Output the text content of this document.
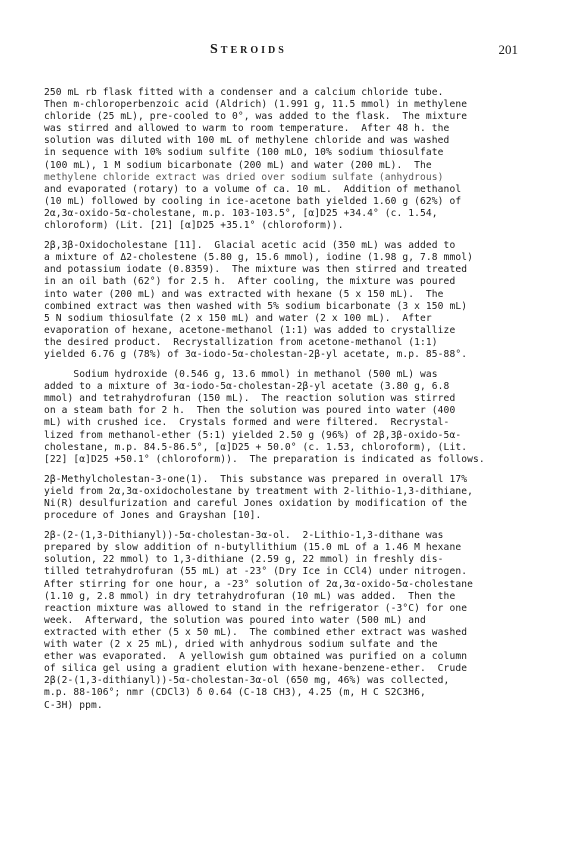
Steroids	201
250 mL rb flask fitted with a condenser and a calcium chloride tube.
Then m-chloroperbenzoic acid (Aldrich) (1.991 g, 11.5 mmol) in methylene
chloride (25 mL), pre-cooled to 0°, was added to the flask.  The mixture
was stirred and allowed to warm to room temperature.  After 48 h. the
solution was diluted with 100 mL of methylene chloride and was washed
in sequence with 10% sodium sulfite (100 mLO, 10% sodium thiosulfate
(100 mL), 1 M sodium bicarbonate (200 mL) and water (200 mL).  The
methylene chloride extract was dried over sodium sulfate (anhydrous)
and evaporated (rotary) to a volume of ca. 10 mL.  Addition of methanol
(10 mL) followed by cooling in ice-acetone bath yielded 1.60 g (62%) of
2α,3α-oxido-5α-cholestane, m.p. 103-103.5°, [α]D25 +34.4° (c. 1.54,
chloroform) (Lit. [21] [α]D25 +35.1° (chloroform)).
2β,3β-Oxidocholestane [11].  Glacial acetic acid (350 mL) was added to
a mixture of Δ2-cholestene (5.80 g, 15.6 mmol), iodine (1.98 g, 7.8 mmol)
and potassium iodate (0.8359).  The mixture was then stirred and treated
in an oil bath (62°) for 2.5 h.  After cooling, the mixture was poured
into water (200 mL) and was extracted with hexane (5 x 150 mL).  The
combined extract was then washed with 5% sodium bicarbonate (3 x 150 mL)
5 N sodium thiosulfate (2 x 150 mL) and water (2 x 100 mL).  After
evaporation of hexane, acetone-methanol (1:1) was added to crystallize
the desired product.  Recrystallization from acetone-methanol (1:1)
yielded 6.76 g (78%) of 3α-iodo-5α-cholestan-2β-yl acetate, m.p. 85-88°.
Sodium hydroxide (0.546 g, 13.6 mmol) in methanol (500 mL) was
added to a mixture of 3α-iodo-5α-cholestan-2β-yl acetate (3.80 g, 6.8
mmol) and tetrahydrofuran (150 mL).  The reaction solution was stirred
on a steam bath for 2 h.  Then the solution was poured into water (400
mL) with crushed ice.  Crystals formed and were filtered.  Recrystal-
lized from methanol-ether (5:1) yielded 2.50 g (96%) of 2β,3β-oxido-5α-
cholestane, m.p. 84.5-86.5°, [α]D25 + 50.0° (c. 1.53, chloroform), (Lit.
[22] [α]D25 +50.1° (chloroform)).  The preparation is indicated as follows.
2β-Methylcholestan-3-one(1).  This substance was prepared in overall 17%
yield from 2α,3α-oxidocholestane by treatment with 2-lithio-1,3-dithiane,
Ni(R) desulfurization and careful Jones oxidation by modification of the
procedure of Jones and Grayshan [10].
2β-(2-(1,3-Dithianyl))-5α-cholestan-3α-ol.  2-Lithio-1,3-dithane was
prepared by slow addition of n-butyllithium (15.0 mL of a 1.46 M hexane
solution, 22 mmol) to 1,3-dithiane (2.59 g, 22 mmol) in freshly dis-
tilled tetrahydrofuran (55 mL) at -23° (Dry Ice in CCl4) under nitrogen.
After stirring for one hour, a -23° solution of 2α,3α-oxido-5α-cholestane
(1.10 g, 2.8 mmol) in dry tetrahydrofuran (10 mL) was added.  Then the
reaction mixture was allowed to stand in the refrigerator (-3°C) for one
week.  Afterward, the solution was poured into water (500 mL) and
extracted with ether (5 x 50 mL).  The combined ether extract was washed
with water (2 x 25 mL), dried with anhydrous sodium sulfate and the
ether was evaporated.  A yellowish gum obtained was purified on a column
of silica gel using a gradient elution with hexane-benzene-ether.  Crude
2β(2-(1,3-dithianyl))-5α-cholestan-3α-ol (650 mg, 46%) was collected,
m.p. 88-106°; nmr (CDCl3) δ 0.64 (C-18 CH3), 4.25 (m, H C S2C3H6,
C-3H) ppm.
